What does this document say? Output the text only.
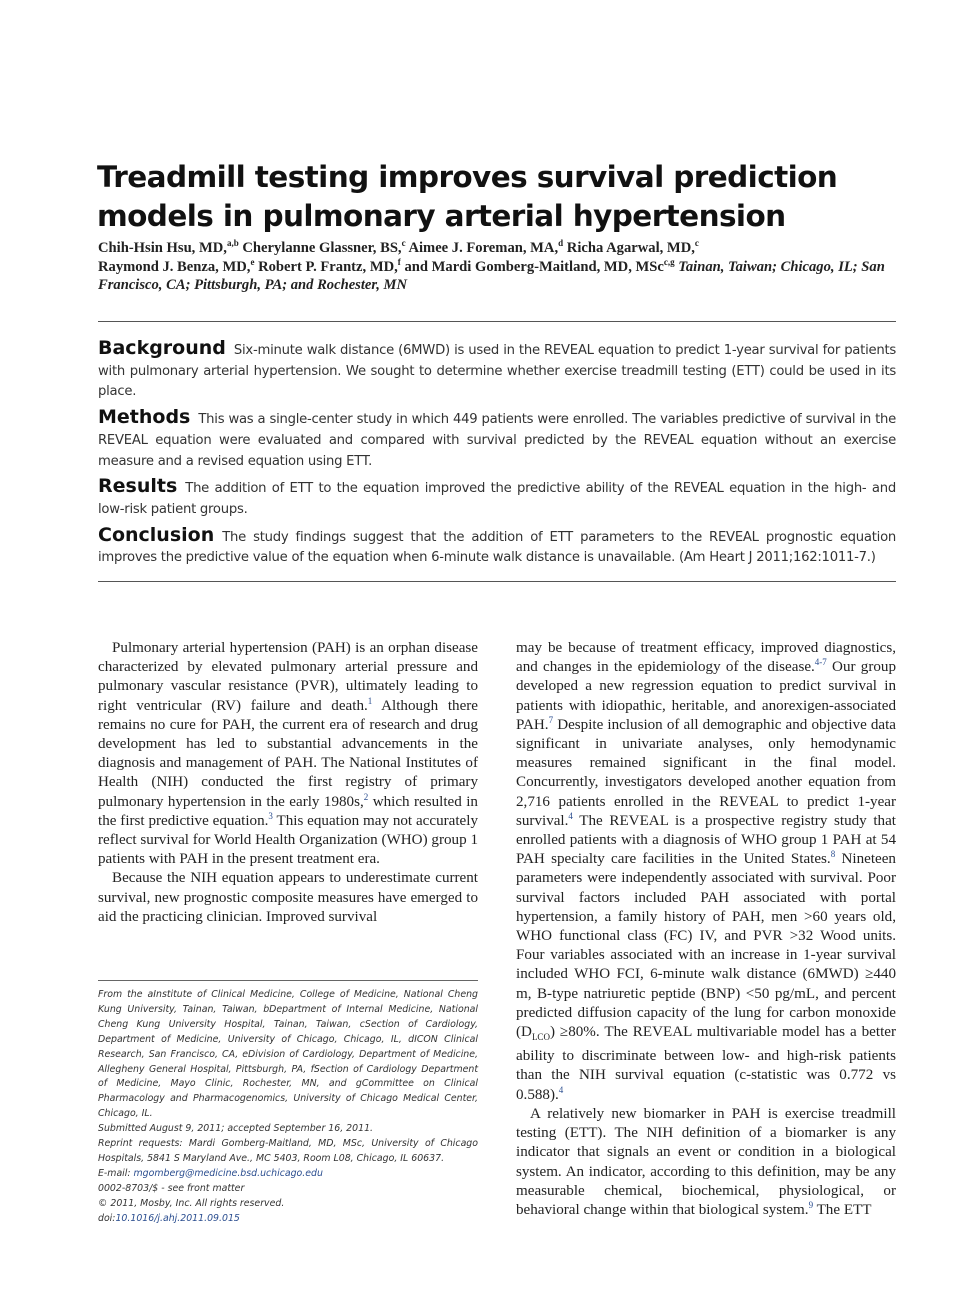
Treadmill testing improves survival prediction models in pulmonary arterial hypertension
Chih-Hsin Hsu, MD,$^{a,b}$ Cherylanne Glassner, BS,$^c$ Aimee J. Foreman, MA,$^d$ Richa Agarwal, MD,$^c$
Raymond J. Benza, MD,$^e$ Robert P. Frantz, MD,$^f$ and Mardi Gomberg-Maitland, MD, MSc$^{c,g}$ Tainan, Taiwan; Chicago, IL; San Francisco, CA; Pittsburgh, PA; and Rochester, MN

Background Six-minute walk distance (6MWD) is used in the REVEAL equation to predict 1-year survival for patients with pulmonary arterial hypertension. We sought to determine whether exercise treadmill testing (ETT) could be used in its place.

Methods This was a single-center study in which 449 patients were enrolled. The variables predictive of survival in the REVEAL equation were evaluated and compared with survival predicted by the REVEAL equation without an exercise measure and a revised equation using ETT.

Results The addition of ETT to the equation improved the predictive ability of the REVEAL equation in the high- and low-risk patient groups.

Conclusion The study findings suggest that the addition of ETT parameters to the REVEAL prognostic equation improves the predictive value of the equation when 6-minute walk distance is unavailable. (Am Heart J 2011;162:1011-7.)

Pulmonary arterial hypertension (PAH) is an orphan disease characterized by elevated pulmonary arterial pressure and pulmonary vascular resistance (PVR), ultimately leading to right ventricular (RV) failure and death.$^1$ Although there remains no cure for PAH, the current era of research and drug development has led to substantial advancements in the diagnosis and management of PAH. The National Institutes of Health (NIH) conducted the first registry of primary pulmonary hypertension in the early 1980s,$^2$ which resulted in the first predictive equation.$^3$ This equation may not accurately reflect survival for World Health Organization (WHO) group 1 patients with PAH in the present treatment era.

Because the NIH equation appears to underestimate current survival, new prognostic composite measures have emerged to aid the practicing clinician. Improved survival

may be because of treatment efficacy, improved diagnostics, and changes in the epidemiology of the disease.$^{4-7}$ Our group developed a new regression equation to predict survival in patients with idiopathic, heritable, and anorexigen-associated PAH.$^7$ Despite inclusion of all demographic and objective data significant in univariate analyses, only hemodynamic measures remained significant in the final model. Concurrently, investigators developed another equation from 2,716 patients enrolled in the REVEAL to predict 1-year survival.$^4$ The REVEAL is a prospective registry study that enrolled patients with a diagnosis of WHO group 1 PAH at 54 PAH specialty care facilities in the United States.$^8$ Nineteen parameters were independently associated with survival. Poor survival factors included PAH associated with portal hypertension, a family history of PAH, men >60 years old, WHO functional class (FC) IV, and PVR >32 Wood units. Four variables associated with an increase in 1-year survival included WHO FCI, 6-minute walk distance (6MWD) ≥440 m, B-type natriuretic peptide (BNP) <50 pg/mL, and percent predicted diffusion capacity of the lung for carbon monoxide $(D_{LCO}) \ge 80\%$. The REVEAL multivariable model has a better ability to discriminate between low- and high-risk patients than the NIH survival equation (c-statistic was 0.772 vs 0.588).$^4$

A relatively new biomarker in PAH is exercise treadmill testing (ETT). The NIH definition of a biomarker is any indicator that signals an event or condition in a biological system. An indicator, according to this definition, may be any measurable chemical, biochemical, physiological, or behavioral change within that biological system.$^9$ The ETT

From the aInstitute of Clinical Medicine, College of Medicine, National Cheng Kung University, Tainan, Taiwan, bDepartment of Internal Medicine, National Cheng Kung University Hospital, Tainan, Taiwan, cSection of Cardiology, Department of Medicine, University of Chicago, Chicago, IL, dICON Clinical Research, San Francisco, CA, eDivision of Cardiology, Department of Medicine, Allegheny General Hospital, Pittsburgh, PA, fSection of Cardiology Department of Medicine, Mayo Clinic, Rochester, MN, and gCommittee on Clinical Pharmacology and Pharmacogenomics, University of Chicago Medical Center, Chicago, IL.
Submitted August 9, 2011; accepted September 16, 2011.
Reprint requests: Mardi Gomberg-Maitland, MD, MSc, University of Chicago Hospitals, 5841 S Maryland Ave., MC 5403, Room L08, Chicago, IL 60637.
E-mail: mgomberg@medicine.bsd.uchicago.edu
0002-8703/$ - see front matter
© 2011, Mosby, Inc. All rights reserved.
doi:10.1016/j.ahj.2011.09.015
